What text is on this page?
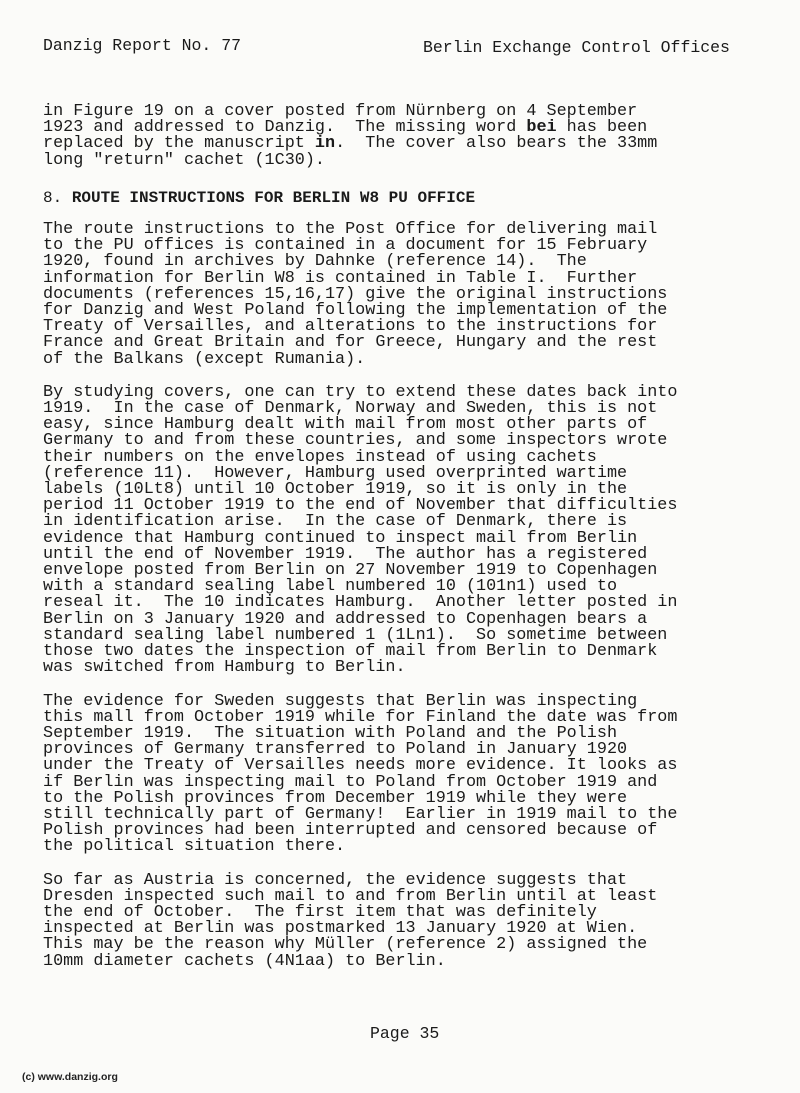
Danzig Report No. 77	Berlin Exchange Control Offices
in Figure 19 on a cover posted from Nürnberg on 4 September
1923 and addressed to Danzig.  The missing word bei has been
replaced by the manuscript in.  The cover also bears the 33mm
long "return" cachet (1C30).
8. ROUTE INSTRUCTIONS FOR BERLIN W8 PU OFFICE
The route instructions to the Post Office for delivering mail
to the PU offices is contained in a document for 15 February
1920, found in archives by Dahnke (reference 14).  The
information for Berlin W8 is contained in Table I.  Further
documents (references 15,16,17) give the original instructions
for Danzig and West Poland following the implementation of the
Treaty of Versailles, and alterations to the instructions for
France and Great Britain and for Greece, Hungary and the rest
of the Balkans (except Rumania).
By studying covers, one can try to extend these dates back into
1919.  In the case of Denmark, Norway and Sweden, this is not
easy, since Hamburg dealt with mail from most other parts of
Germany to and from these countries, and some inspectors wrote
their numbers on the envelopes instead of using cachets
(reference 11).  However, Hamburg used overprinted wartime
labels (10Lt8) until 10 October 1919, so it is only in the
period 11 October 1919 to the end of November that difficulties
in identification arise.  In the case of Denmark, there is
evidence that Hamburg continued to inspect mail from Berlin
until the end of November 1919.  The author has a registered
envelope posted from Berlin on 27 November 1919 to Copenhagen
with a standard sealing label numbered 10 (101n1) used to
reseal it.  The 10 indicates Hamburg.  Another letter posted in
Berlin on 3 January 1920 and addressed to Copenhagen bears a
standard sealing label numbered 1 (1Ln1).  So sometime between
those two dates the inspection of mail from Berlin to Denmark
was switched from Hamburg to Berlin.
The evidence for Sweden suggests that Berlin was inspecting
this mall from October 1919 while for Finland the date was from
September 1919.  The situation with Poland and the Polish
provinces of Germany transferred to Poland in January 1920
under the Treaty of Versailles needs more evidence. It looks as
if Berlin was inspecting mail to Poland from October 1919 and
to the Polish provinces from December 1919 while they were
still technically part of Germany!  Earlier in 1919 mail to the
Polish provinces had been interrupted and censored because of
the political situation there.
So far as Austria is concerned, the evidence suggests that
Dresden inspected such mail to and from Berlin until at least
the end of October.  The first item that was definitely
inspected at Berlin was postmarked 13 January 1920 at Wien.
This may be the reason why Müller (reference 2) assigned the
10mm diameter cachets (4N1aa) to Berlin.
Page 35
(c) www.danzig.org
